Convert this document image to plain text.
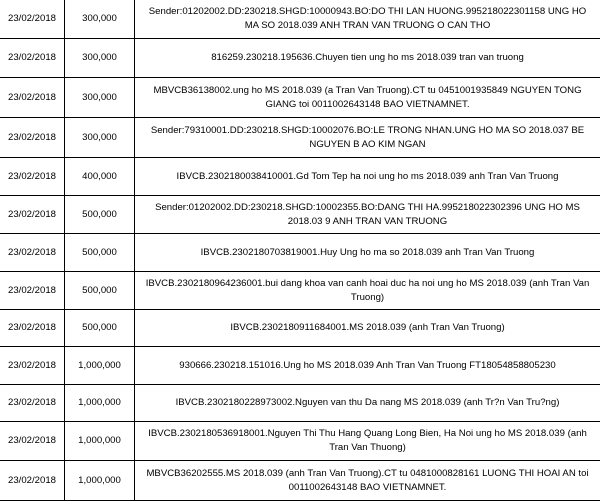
23/02/2018	300,000	Sender:01202002.DD:230218.SHGD:10000943.BO:DO THI LAN HUONG.995218022301158 UNG HO MA SO 2018.039 ANH TRAN VAN TRUONG O CAN THO
23/02/2018	300,000	816259.230218.195636.Chuyen tien ung ho ms 2018.039 tran van truong
23/02/2018	300,000	MBVCB36138002.ung ho MS 2018.039 (a Tran Van Truong).CT tu 0451001935849 NGUYEN TONG GIANG toi 0011002643148 BAO VIETNAMNET.
23/02/2018	300,000	Sender:79310001.DD:230218.SHGD:10002076.BO:LE TRONG NHAN.UNG HO MA SO 2018.037 BE NGUYEN B AO KIM NGAN
23/02/2018	400,000	IBVCB.2302180038410001.Gd Tom Tep ha noi ung ho ms 2018.039 anh Tran Van Truong
23/02/2018	500,000	Sender:01202002.DD:230218.SHGD:10002355.BO:DANG THI HA.995218022302396 UNG HO MS 2018.03 9 ANH TRAN VAN TRUONG
23/02/2018	500,000	IBVCB.2302180703819001.Huy Ung ho ma so 2018.039 anh Tran Van Truong
23/02/2018	500,000	IBVCB.2302180964236001.bui dang khoa van canh hoai duc ha noi ung ho MS 2018.039 (anh Tran Van Truong)
23/02/2018	500,000	IBVCB.2302180911684001.MS 2018.039 (anh Tran Van Truong)
23/02/2018	1,000,000	930666.230218.151016.Ung ho MS 2018.039 Anh Tran Van Truong FT18054858805230
23/02/2018	1,000,000	IBVCB.2302180228973002.Nguyen van thu Da nang MS 2018.039 (anh Tr?n Van Tru?ng)
23/02/2018	1,000,000	IBVCB.2302180536918001.Nguyen Thi Thu Hang Quang Long Bien, Ha Noi ung ho MS 2018.039 (anh Tran Van Thuong)
23/02/2018	1,000,000	MBVCB36202555.MS 2018.039 (anh Tran Van Truong).CT tu 0481000828161 LUONG THI HOAI AN toi 0011002643148 BAO VIETNAMNET.
